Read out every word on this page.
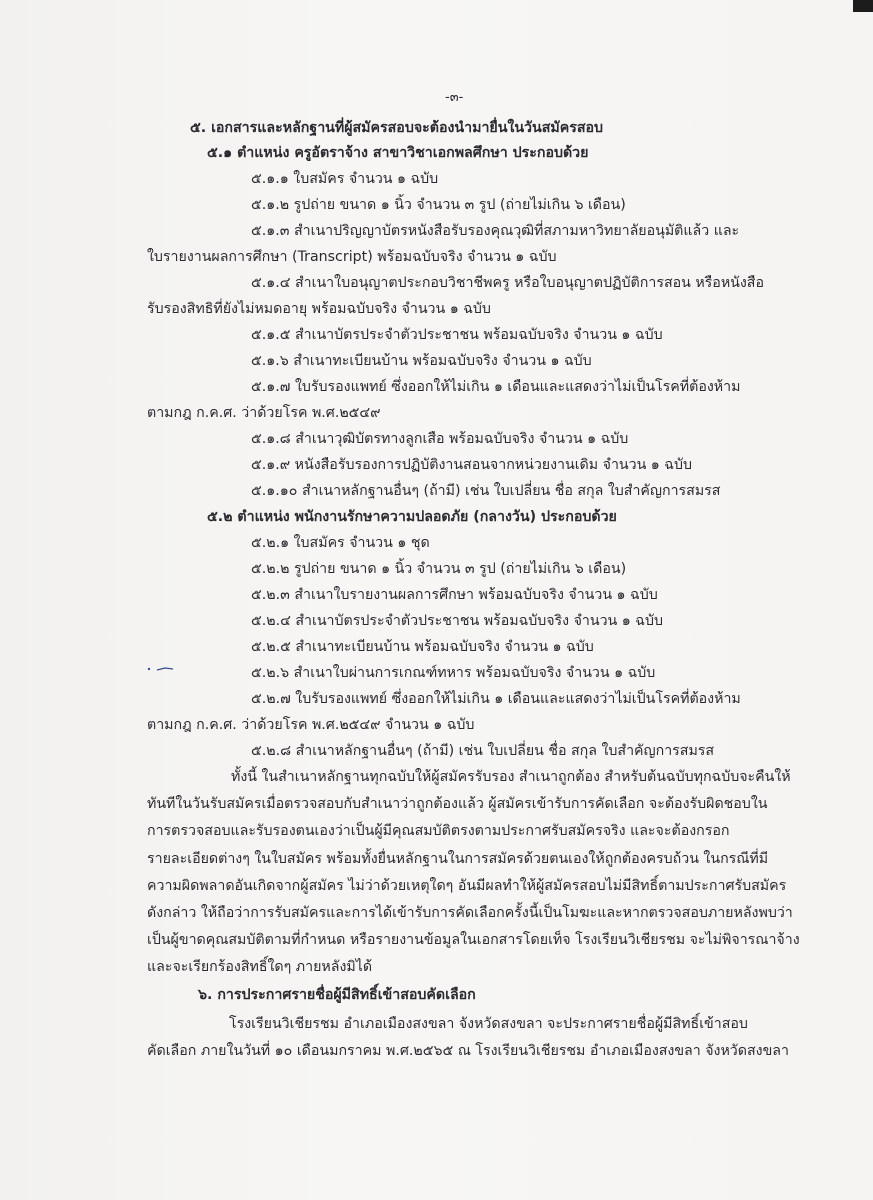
-๓-
๕. เอกสารและหลักฐานที่ผู้สมัครสอบจะต้องนำมายื่นในวันสมัครสอบ
๕.๑ ตำแหน่ง ครูอัตราจ้าง สาขาวิชาเอกพลศึกษา ประกอบด้วย
๕.๑.๑ ใบสมัคร จำนวน ๑ ฉบับ
๕.๑.๒ รูปถ่าย ขนาด ๑ นิ้ว จำนวน ๓ รูป (ถ่ายไม่เกิน ๖ เดือน)
๕.๑.๓ สำเนาปริญญาบัตรหนังสือรับรองคุณวุฒิที่สภามหาวิทยาลัยอนุมัติแล้ว และ
ใบรายงานผลการศึกษา (Transcript) พร้อมฉบับจริง จำนวน ๑ ฉบับ
๕.๑.๔ สำเนาใบอนุญาตประกอบวิชาชีพครู หรือใบอนุญาตปฏิบัติการสอน หรือหนังสือ
รับรองสิทธิที่ยังไม่หมดอายุ พร้อมฉบับจริง จำนวน ๑ ฉบับ
๕.๑.๕ สำเนาบัตรประจำตัวประชาชน พร้อมฉบับจริง จำนวน ๑ ฉบับ
๕.๑.๖ สำเนาทะเบียนบ้าน พร้อมฉบับจริง จำนวน ๑ ฉบับ
๕.๑.๗ ใบรับรองแพทย์ ซึ่งออกให้ไม่เกิน ๑ เดือนและแสดงว่าไม่เป็นโรคที่ต้องห้าม
ตามกฎ ก.ค.ศ. ว่าด้วยโรค พ.ศ.๒๕๔๙
๕.๑.๘ สำเนาวุฒิบัตรทางลูกเสือ พร้อมฉบับจริง จำนวน ๑ ฉบับ
๕.๑.๙ หนังสือรับรองการปฏิบัติงานสอนจากหน่วยงานเดิม จำนวน ๑ ฉบับ
๕.๑.๑๐ สำเนาหลักฐานอื่นๆ (ถ้ามี) เช่น ใบเปลี่ยน ชื่อ สกุล ใบสำคัญการสมรส
๕.๒ ตำแหน่ง พนักงานรักษาความปลอดภัย (กลางวัน) ประกอบด้วย
๕.๒.๑ ใบสมัคร จำนวน ๑ ชุด
๕.๒.๒ รูปถ่าย ขนาด ๑ นิ้ว จำนวน ๓ รูป (ถ่ายไม่เกิน ๖ เดือน)
๕.๒.๓ สำเนาใบรายงานผลการศึกษา พร้อมฉบับจริง จำนวน ๑ ฉบับ
๕.๒.๔ สำเนาบัตรประจำตัวประชาชน พร้อมฉบับจริง จำนวน ๑ ฉบับ
๕.๒.๕ สำเนาทะเบียนบ้าน พร้อมฉบับจริง จำนวน ๑ ฉบับ
๕.๒.๖ สำเนาใบผ่านการเกณฑ์ทหาร พร้อมฉบับจริง จำนวน ๑ ฉบับ
๕.๒.๗ ใบรับรองแพทย์ ซึ่งออกให้ไม่เกิน ๑ เดือนและแสดงว่าไม่เป็นโรคที่ต้องห้าม
ตามกฎ ก.ค.ศ. ว่าด้วยโรค พ.ศ.๒๕๔๙ จำนวน ๑ ฉบับ
๕.๒.๘ สำเนาหลักฐานอื่นๆ (ถ้ามี) เช่น ใบเปลี่ยน ชื่อ สกุล ใบสำคัญการสมรส
ทั้งนี้ ในสำเนาหลักฐานทุกฉบับให้ผู้สมัครรับรอง สำเนาถูกต้อง สำหรับต้นฉบับทุกฉบับจะคืนให้
ทันทีในวันรับสมัครเมื่อตรวจสอบกับสำเนาว่าถูกต้องแล้ว ผู้สมัครเข้ารับการคัดเลือก จะต้องรับผิดชอบใน
การตรวจสอบและรับรองตนเองว่าเป็นผู้มีคุณสมบัติตรงตามประกาศรับสมัครจริง และจะต้องกรอก
รายละเอียดต่างๆ ในใบสมัคร พร้อมทั้งยื่นหลักฐานในการสมัครด้วยตนเองให้ถูกต้องครบถ้วน ในกรณีที่มี
ความผิดพลาดอันเกิดจากผู้สมัคร ไม่ว่าด้วยเหตุใดๆ อันมีผลทำให้ผู้สมัครสอบไม่มีสิทธิ์ตามประกาศรับสมัคร
ดังกล่าว ให้ถือว่าการรับสมัครและการได้เข้ารับการคัดเลือกครั้งนี้เป็นโมฆะและหากตรวจสอบภายหลังพบว่า
เป็นผู้ขาดคุณสมบัติตามที่กำหนด หรือรายงานข้อมูลในเอกสารโดยเท็จ โรงเรียนวิเชียรชม จะไม่พิจารณาจ้าง
และจะเรียกร้องสิทธิ์ใดๆ ภายหลังมิได้
๖. การประกาศรายชื่อผู้มีสิทธิ์เข้าสอบคัดเลือก
โรงเรียนวิเชียรชม อำเภอเมืองสงขลา จังหวัดสงขลา จะประกาศรายชื่อผู้มีสิทธิ์เข้าสอบ
คัดเลือก ภายในวันที่ ๑๐ เดือนมกราคม พ.ศ.๒๕๖๕ ณ โรงเรียนวิเชียรชม อำเภอเมืองสงขลา จังหวัดสงขลา
